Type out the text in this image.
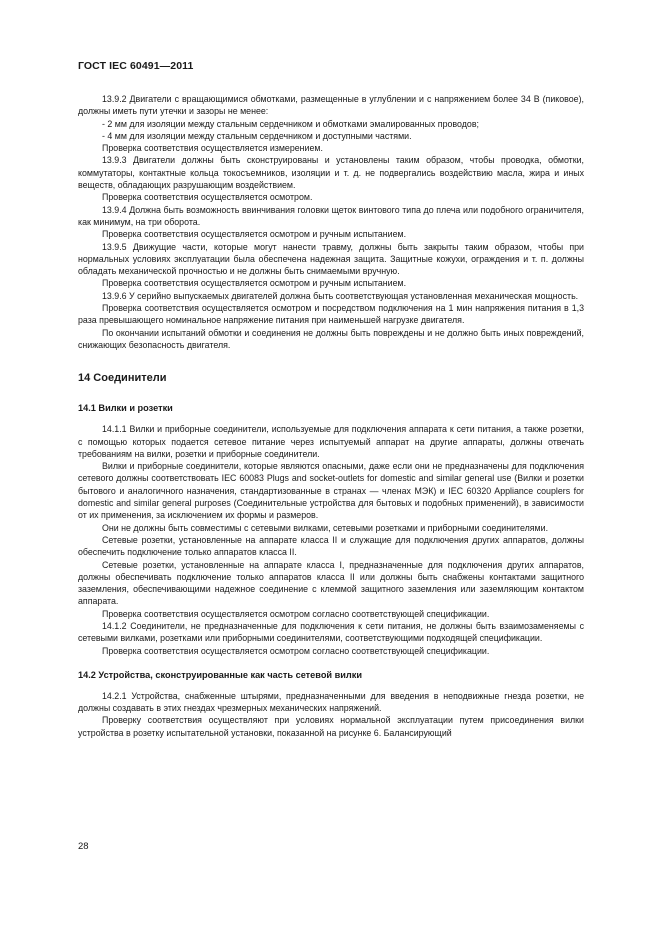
ГОСТ IEC 60491—2011

13.9.2 Двигатели с вращающимися обмотками, размещенные в углублении и с напряжением более 34 В (пиковое), должны иметь пути утечки и зазоры не менее:

- 2 мм для изоляции между стальным сердечником и обмотками эмалированных проводов;

- 4 мм для изоляции между стальным сердечником и доступными частями.

Проверка соответствия осуществляется измерением.

13.9.3 Двигатели должны быть сконструированы и установлены таким образом, чтобы проводка, обмотки, коммутаторы, контактные кольца токосъемников, изоляции и т. д. не подвергались воздействию масла, жира и иных веществ, обладающих разрушающим воздействием.

Проверка соответствия осуществляется осмотром.

13.9.4 Должна быть возможность ввинчивания головки щеток винтового типа до плеча или подобного ограничителя, как минимум, на три оборота.

Проверка соответствия осуществляется осмотром и ручным испытанием.

13.9.5 Движущие части, которые могут нанести травму, должны быть закрыты таким образом, чтобы при нормальных условиях эксплуатации была обеспечена надежная защита. Защитные кожухи, ограждения и т. п. должны обладать механической прочностью и не должны быть снимаемыми вручную.

Проверка соответствия осуществляется осмотром и ручным испытанием.

13.9.6 У серийно выпускаемых двигателей должна быть соответствующая установленная механическая мощность.

Проверка соответствия осуществляется осмотром и посредством подключения на 1 мин напряжения питания в 1,3 раза превышающего номинальное напряжение питания при наименьшей нагрузке двигателя.

По окончании испытаний обмотки и соединения не должны быть повреждены и не должно быть иных повреждений, снижающих безопасность двигателя.

14 Соединители
14.1 Вилки и розетки

14.1.1 Вилки и приборные соединители, используемые для подключения аппарата к сети питания, а также розетки, с помощью которых подается сетевое питание через испытуемый аппарат на другие аппараты, должны отвечать требованиям на вилки, розетки и приборные соединители.

Вилки и приборные соединители, которые являются опасными, даже если они не предназначены для подключения сетевого должны соответствовать IEC 60083 Plugs and socket-outlets for domestic and similar general use (Вилки и розетки бытового и аналогичного назначения, стандартизованные в странах — членах МЭК) и IEC 60320 Appliance couplers for domestic and similar general purposes (Соединительные устройства для бытовых и подобных применений), в зависимости от их применения, за исключением их формы и размеров.

Они не должны быть совместимы с сетевыми вилками, сетевыми розетками и приборными соединителями.

Сетевые розетки, установленные на аппарате класса II и служащие для подключения других аппаратов, должны обеспечить подключение только аппаратов класса II.

Сетевые розетки, установленные на аппарате класса I, предназначенные для подключения других аппаратов, должны обеспечивать подключение только аппаратов класса II или должны быть снабжены контактами защитного заземления, обеспечивающими надежное соединение с клеммой защитного заземления или заземляющим контактом аппарата.

Проверка соответствия осуществляется осмотром согласно соответствующей спецификации.

14.1.2 Соединители, не предназначенные для подключения к сети питания, не должны быть взаимозаменяемы с сетевыми вилками, розетками или приборными соединителями, соответствующими подходящей спецификации.

Проверка соответствия осуществляется осмотром согласно соответствующей спецификации.

14.2 Устройства, сконструированные как часть сетевой вилки

14.2.1 Устройства, снабженные штырями, предназначенными для введения в неподвижные гнезда розетки, не должны создавать в этих гнездах чрезмерных механических напряжений.

Проверку соответствия осуществляют при условиях нормальной эксплуатации путем присоединения вилки устройства в розетку испытательной установки, показанной на рисунке 6. Балансирующий

28
